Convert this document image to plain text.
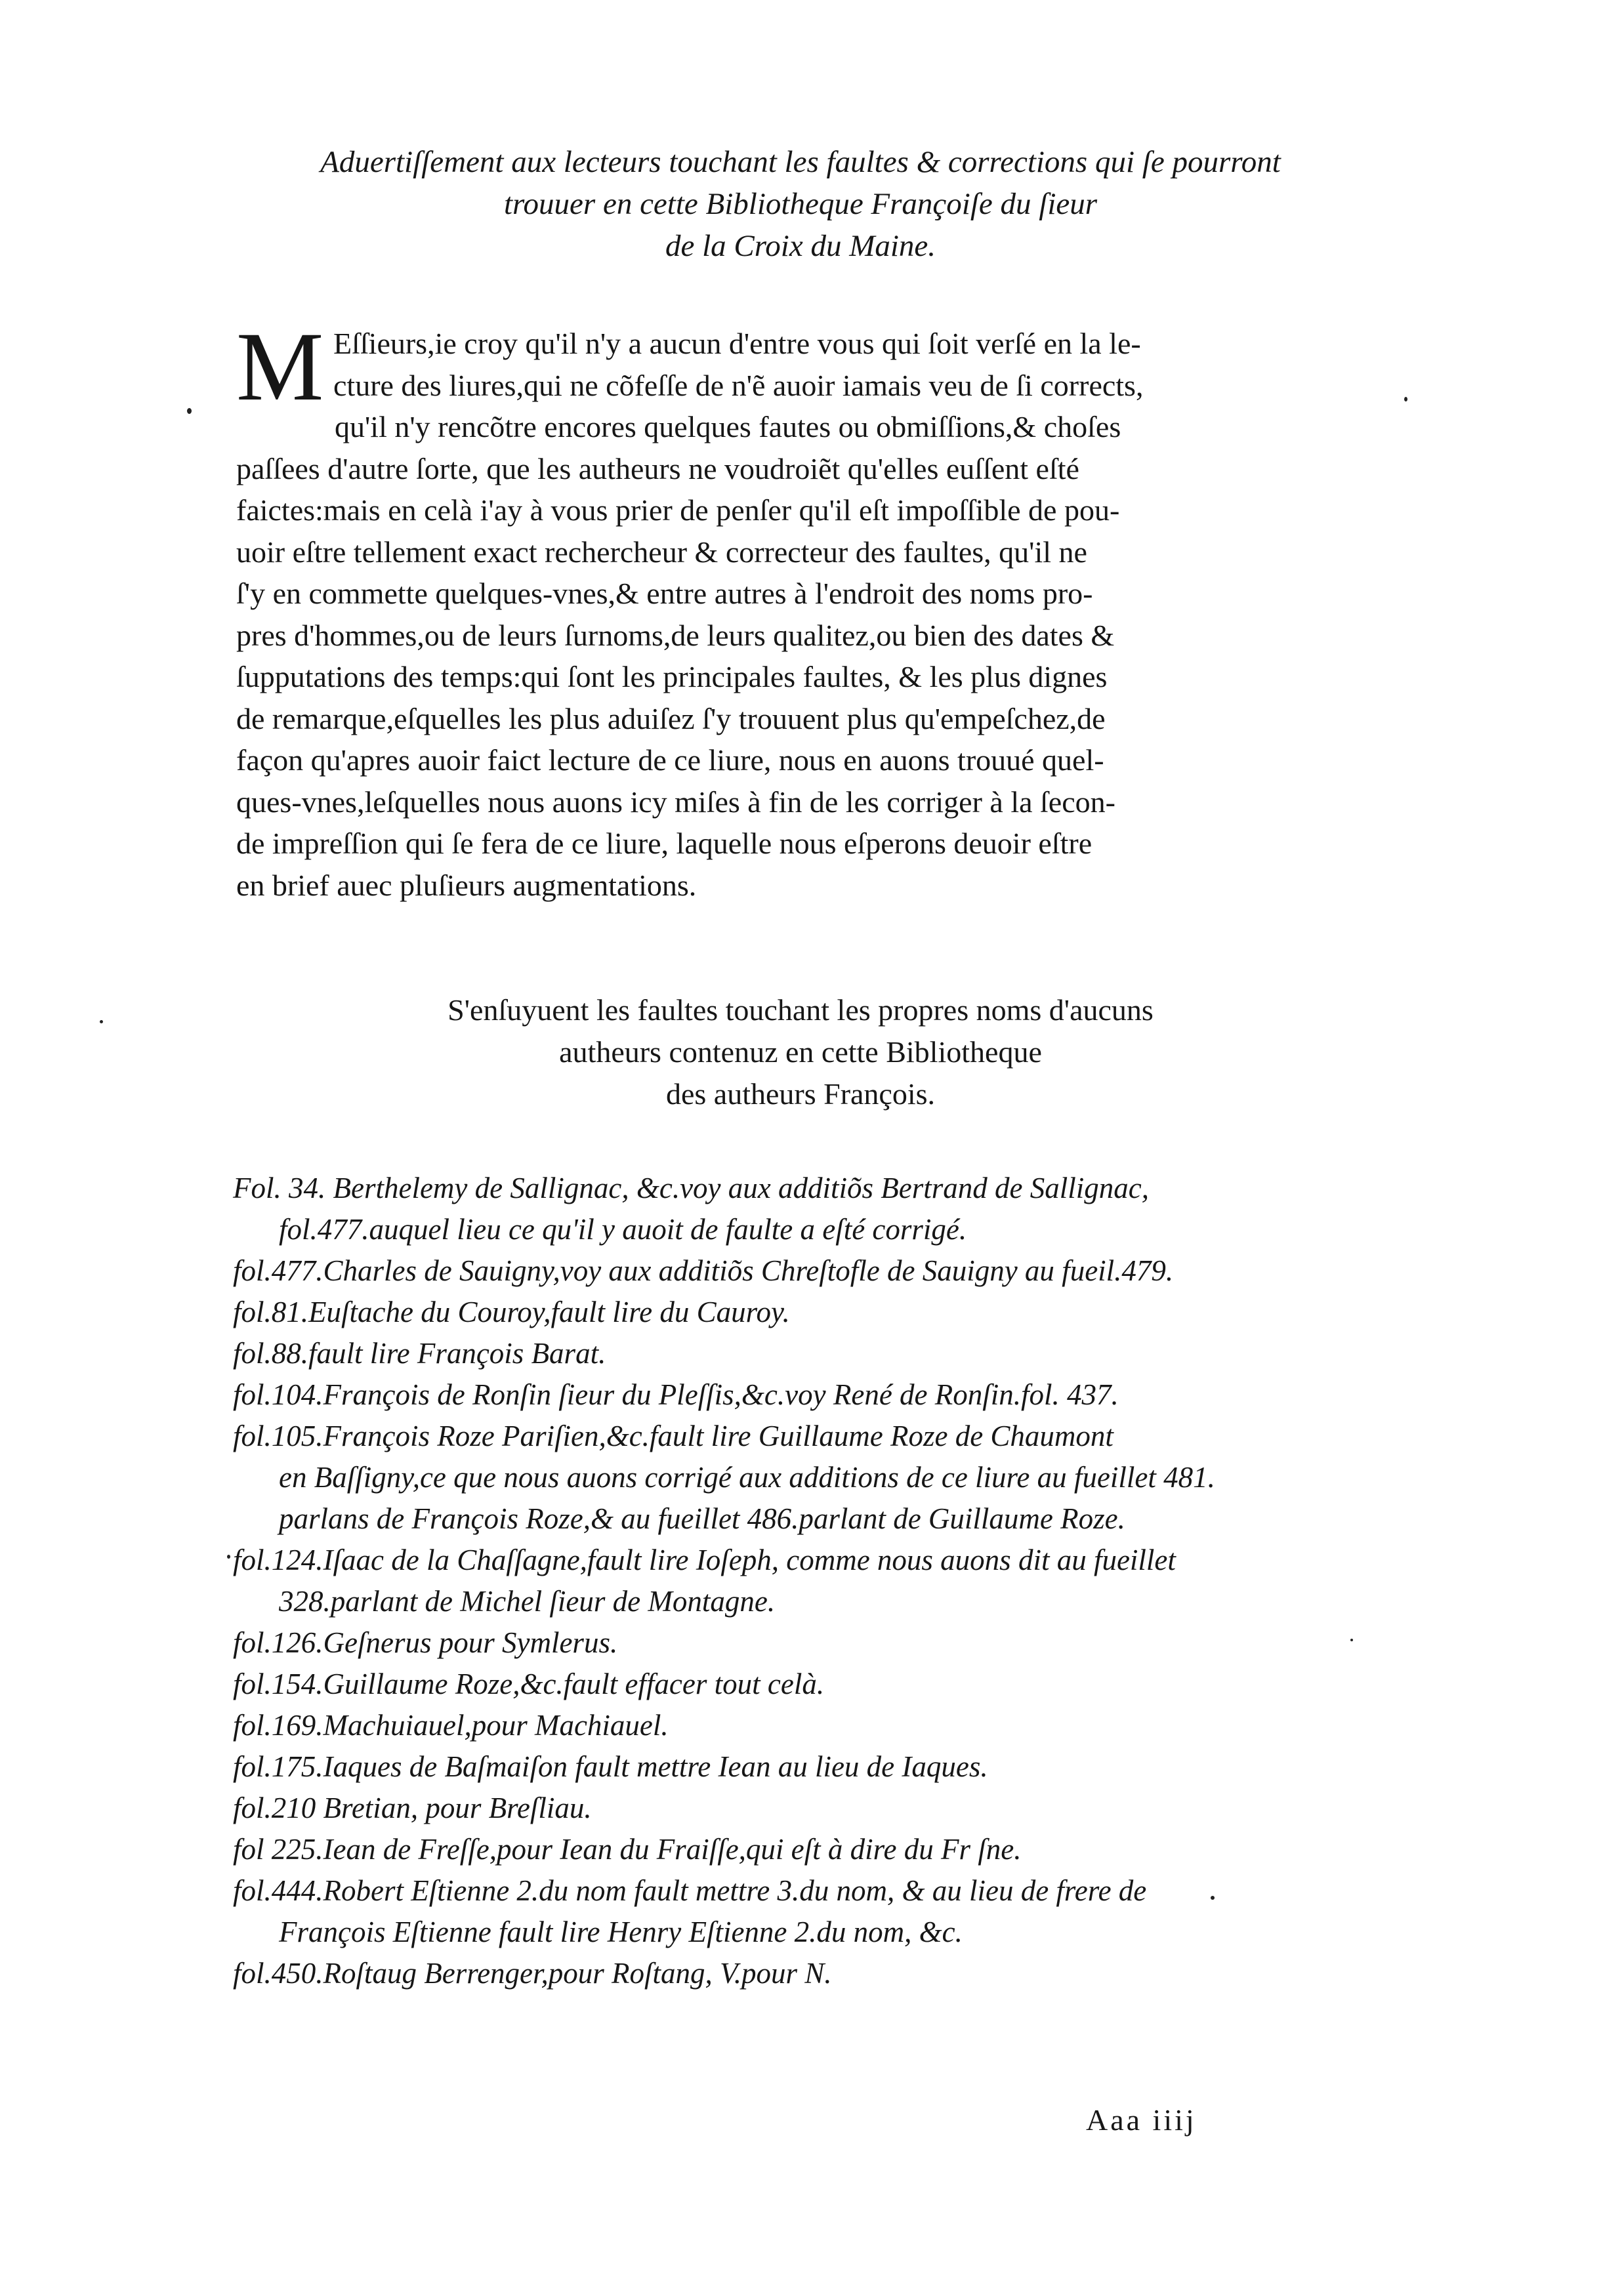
Aduertiſſement aux lecteurs touchant les faultes & corrections qui ſe pourront
trouuer en cette Bibliotheque Françoiſe du ſieur
de la Croix du Maine.
M Eſſieurs,ie croy qu'il n'y a aucun d'entre vous qui ſoit verſé en la le-
cture des liures,qui ne cõfeſſe de n'ẽ auoir iamais veu de ſi corrects,
qu'il n'y rencõtre encores quelques fautes ou obmiſſions,& choſes
paſſees d'autre ſorte, que les autheurs ne voudroiẽt qu'elles euſſent eſté
faictes:mais en celà i'ay à vous prier de penſer qu'il eſt impoſſible de pou-
uoir eſtre tellement exact rechercheur & correcteur des faultes, qu'il ne
ſ'y en commette quelques-vnes,& entre autres à l'endroit des noms pro-
pres d'hommes,ou de leurs ſurnoms,de leurs qualitez,ou bien des dates &
ſupputations des temps:qui ſont les principales faultes, & les plus dignes
de remarque,eſquelles les plus aduiſez ſ'y trouuent plus qu'empeſchez,de
façon qu'apres auoir faict lecture de ce liure, nous en auons trouué quel-
ques-vnes,leſquelles nous auons icy miſes à fin de les corriger à la ſecon-
de impreſſion qui ſe fera de ce liure, laquelle nous eſperons deuoir eſtre
en brief auec pluſieurs augmentations.
S'enſuyuent les faultes touchant les propres noms d'aucuns
autheurs contenuz en cette Bibliotheque
des autheurs François.
Fol. 34. Berthelemy de Sallignac, &c.voy aux additiõs Bertrand de Sallignac,
fol.477.auquel lieu ce qu'il y auoit de faulte a eſté corrigé.
fol.477.Charles de Sauigny,voy aux additiõs Chreſtofle de Sauigny au fueil.479.
fol.81.Euſtache du Couroy,fault lire du Cauroy.
fol.88.fault lire François Barat.
fol.104.François de Ronſin ſieur du Pleſſis,&c.voy René de Ronſin.fol. 437.
fol.105.François Roze Pariſien,&c.fault lire Guillaume Roze de Chaumont
en Baſſigny,ce que nous auons corrigé aux additions de ce liure au fueillet 481.
parlans de François Roze,& au fueillet 486.parlant de Guillaume Roze.
fol.124.Iſaac de la Chaſſagne,fault lire Ioſeph, comme nous auons dit au fueillet
328.parlant de Michel ſieur de Montagne.
fol.126.Geſnerus pour Symlerus.
fol.154.Guillaume Roze,&c.fault effacer tout celà.
fol.169.Machuiauel,pour Machiauel.
fol.175.Iaques de Baſmaiſon fault mettre Iean au lieu de Iaques.
fol.210 Bretian, pour Breſliau.
fol 225.Iean de Freſſe,pour Iean du Fraiſſe,qui eſt à dire du Fr ſne.
fol.444.Robert Eſtienne 2.du nom fault mettre 3.du nom, & au lieu de frere de
François Eſtienne fault lire Henry Eſtienne 2.du nom, &c.
fol.450.Roſtaug Berrenger,pour Roſtang, V.pour N.
Aaa iiij
